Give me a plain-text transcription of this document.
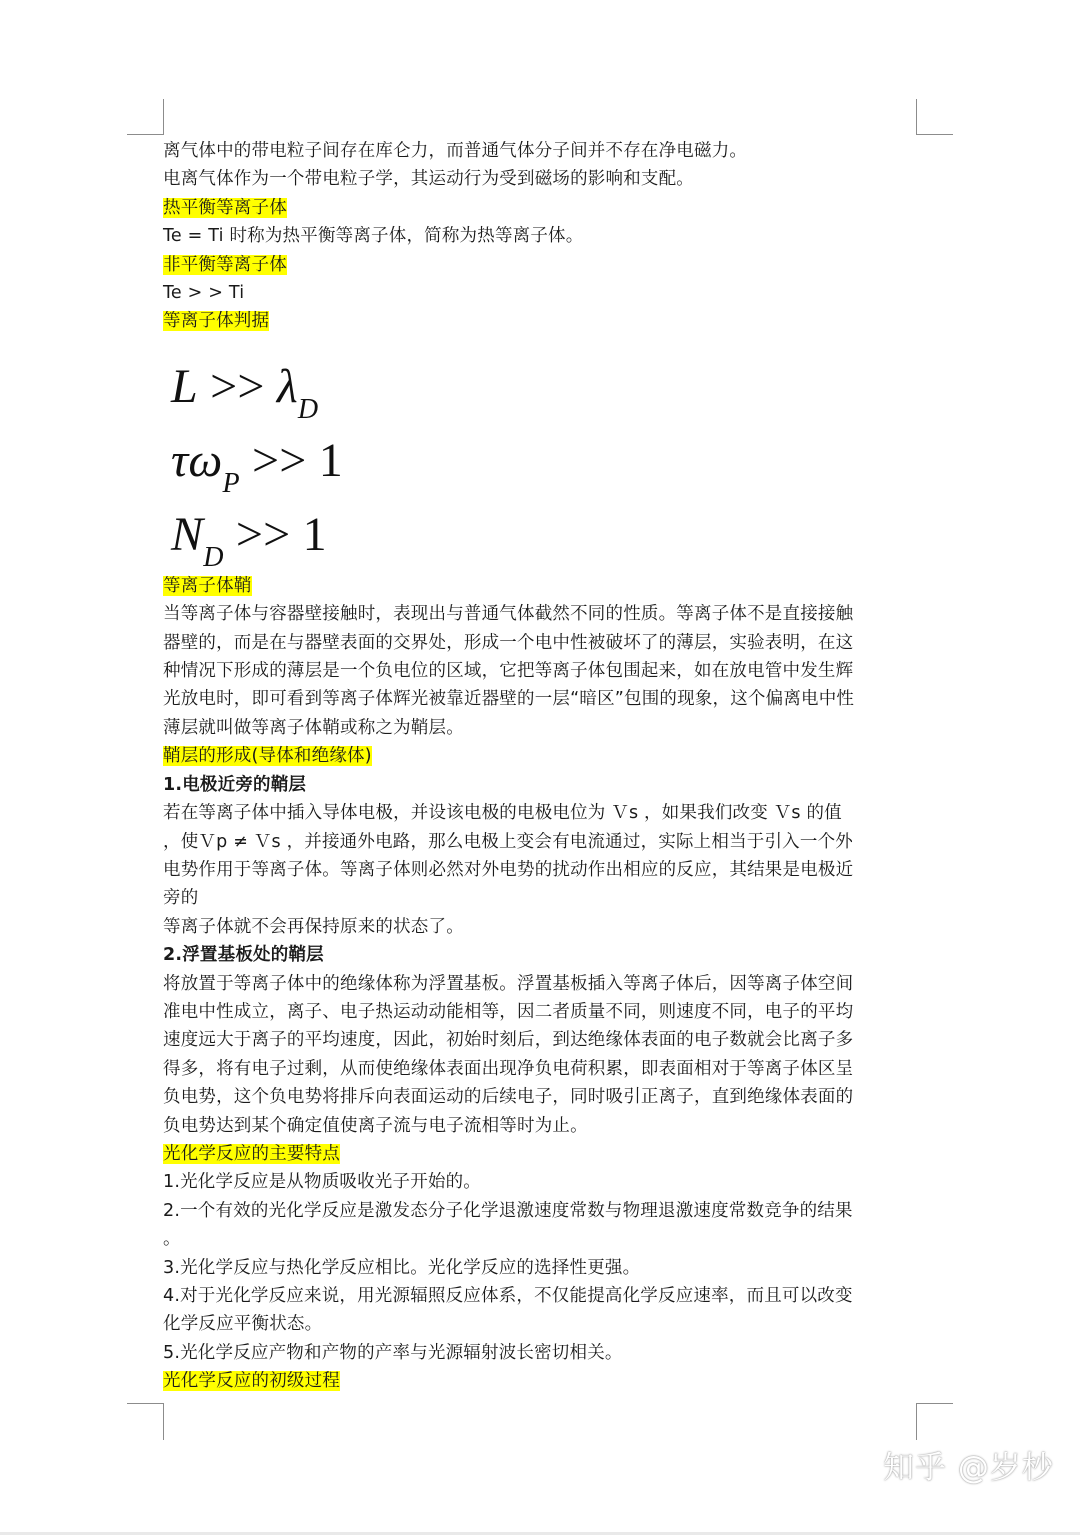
离气体中的带电粒子间存在库仑力，而普通气体分子间并不存在净电磁力。
电离气体作为一个带电粒子学，其运动行为受到磁场的影响和支配。
热平衡等离子体
Te = Ti 时称为热平衡等离子体，简称为热等离子体。
非平衡等离子体
Te > > Ti
等离子体判据
$L >> \lambda_D$
$\tau\omega_P >> 1$
$N_D >> 1$
等离子体鞘
当等离子体与容器壁接触时，表现出与普通气体截然不同的性质。等离子体不是直接接触
器壁的，而是在与器壁表面的交界处，形成一个电中性被破坏了的薄层，实验表明，在这
种情况下形成的薄层是一个负电位的区域，它把等离子体包围起来，如在放电管中发生辉
光放电时，即可看到等离子体辉光被靠近器壁的一层“暗区”包围的现象，这个偏离电中性
薄层就叫做等离子体鞘或称之为鞘层。
鞘层的形成(导体和绝缘体)
1.电极近旁的鞘层
若在等离子体中插入导体电极，并设该电极的电极电位为 Ｖs ，如果我们改变 Ｖs 的值
，使Ｖp ≠ Ｖs ，并接通外电路，那么电极上变会有电流通过，实际上相当于引入一个外
电势作用于等离子体。等离子体则必然对外电势的扰动作出相应的反应，其结果是电极近
旁的
等离子体就不会再保持原来的状态了。
2.浮置基板处的鞘层
将放置于等离子体中的绝缘体称为浮置基板。浮置基板插入等离子体后，因等离子体空间
准电中性成立，离子、电子热运动动能相等，因二者质量不同，则速度不同，电子的平均
速度远大于离子的平均速度，因此，初始时刻后，到达绝缘体表面的电子数就会比离子多
得多，将有电子过剩，从而使绝缘体表面出现净负电荷积累，即表面相对于等离子体区呈
负电势，这个负电势将排斥向表面运动的后续电子，同时吸引正离子，直到绝缘体表面的
负电势达到某个确定值使离子流与电子流相等时为止。
光化学反应的主要特点
1.光化学反应是从物质吸收光子开始的。
2.一个有效的光化学反应是激发态分子化学退激速度常数与物理退激速度常数竞争的结果
。
3.光化学反应与热化学反应相比。光化学反应的选择性更强。
4.对于光化学反应来说，用光源辐照反应体系，不仅能提高化学反应速率，而且可以改变
化学反应平衡状态。
5.光化学反应产物和产物的产率与光源辐射波长密切相关。
光化学反应的初级过程
知乎 @岁杪
